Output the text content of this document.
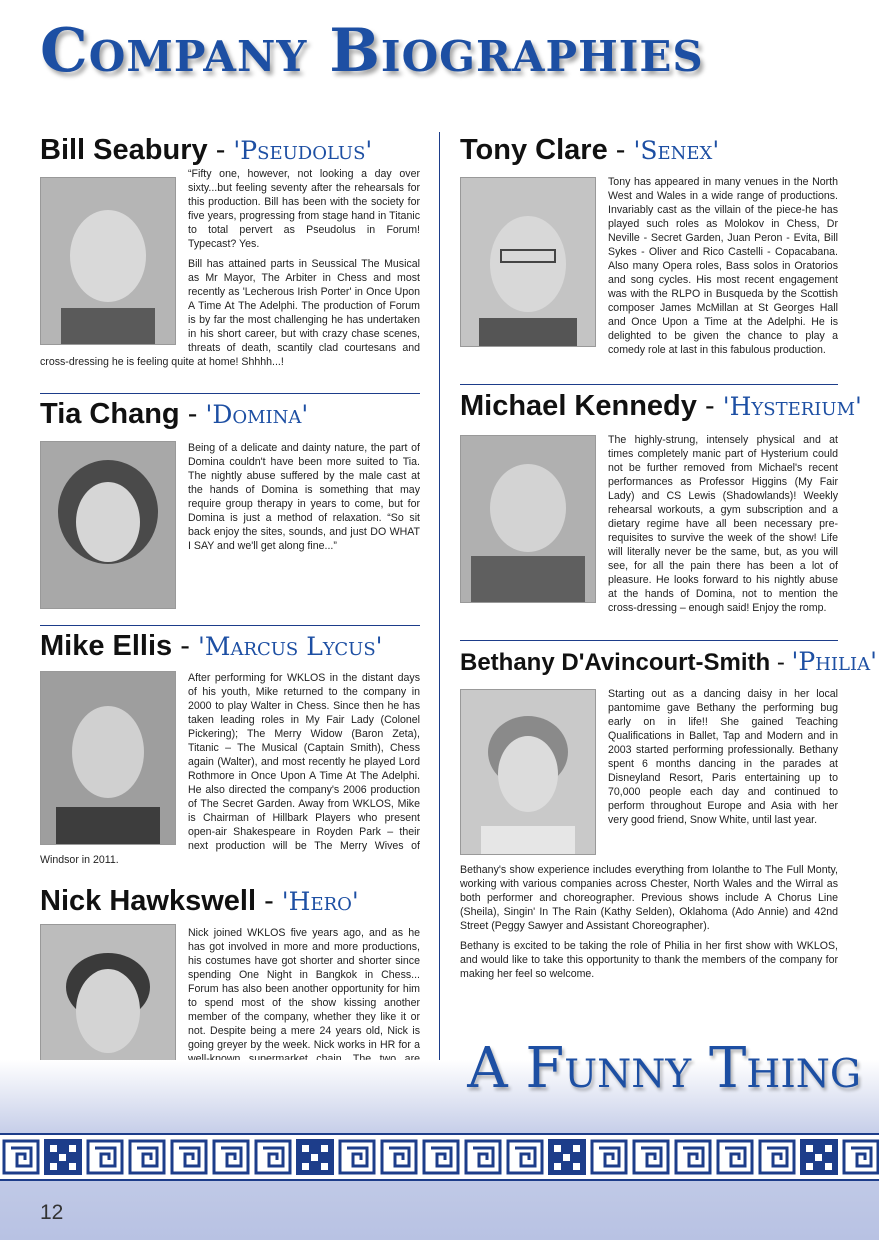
Company Biographies
Bill Seabury - 'Pseudolus'

“Fifty one, however, not looking a day over sixty...but feeling seventy after the rehearsals for this production. Bill has been with the society for five years, progressing from stage hand in Titanic to total pervert as Pseudolus in Forum! Typecast? Yes.

Bill has attained parts in Seussical The Musical as Mr Mayor, The Arbiter in Chess and most recently as 'Lecherous Irish Porter' in Once Upon A Time At The Adelphi. The production of Forum is by far the most challenging he has undertaken in his short career, but with crazy chase scenes, threats of death, scantily clad courtesans and cross-dressing he is feeling quite at home! Shhhh...!

Tia Chang - 'Domina'

Being of a delicate and dainty nature, the part of Domina couldn't have been more suited to Tia. The nightly abuse suffered by the male cast at the hands of Domina is something that may require group therapy in years to come, but for Domina is just a method of relaxation. “So sit back enjoy the sites, sounds, and just DO WHAT I SAY and we'll get along fine...”

Mike Ellis - 'Marcus Lycus'

After performing for WKLOS in the distant days of his youth, Mike returned to the company in 2000 to play Walter in Chess. Since then he has taken leading roles in My Fair Lady (Colonel Pickering); The Merry Widow (Baron Zeta), Titanic – The Musical (Captain Smith), Chess again (Walter), and most recently he played Lord Rothmore in Once Upon A Time At The Adelphi. He also directed the company's 2006 production of The Secret Garden. Away from WKLOS, Mike is Chairman of Hillbark Players who present open-air Shakespeare in Royden Park – their next production will be The Merry Wives of Windsor in 2011.

Nick Hawkswell - 'Hero'

Nick joined WKLOS five years ago, and as he has got involved in more and more productions, his costumes have got shorter and shorter since spending One Night in Bangkok in Chess... Forum has also been another opportunity for him to spend most of the show kissing another member of the company, whether they like it or not. Despite being a mere 24 years old, Nick is going greyer by the week. Nick works in HR for a

Tony Clare - 'Senex'

Tony has appeared in many venues in the North West and Wales in a wide range of productions. Invariably cast as the villain of the piece-he has played such roles as Molokov in Chess, Dr Neville - Secret Garden, Juan Peron - Evita, Bill Sykes - Oliver and Rico Castelli - Copacabana. Also many Opera roles, Bass solos in Oratorios and song cycles. His most recent engagement was with the RLPO in Busqueda by the Scottish composer James McMillan at St Georges Hall and Once Upon a Time at the Adelphi. He is delighted to be given the chance to play a comedy role at last in this fabulous production.

Michael Kennedy - 'Hysterium'

The highly-strung, intensely physical and at times completely manic part of Hysterium could not be further removed from Michael's recent performances as Professor Higgins (My Fair Lady) and CS Lewis (Shadowlands)! Weekly rehearsal workouts, a gym subscription and a dietary regime have all been necessary pre-requisites to survive the week of the show! Life will literally never be the same, but, as you will see, for all the pain there has been a lot of pleasure. He looks forward to his nightly abuse at the hands of Domina, not to mention the cross-dressing – enough said! Enjoy the romp.

Bethany D'Avincourt-Smith - 'Philia'

Starting out as a dancing daisy in her local pantomime gave Bethany the performing bug early on in life!! She gained Teaching Qualifications in Ballet, Tap and Modern and in 2003 started performing professionally. Bethany spent 6 months dancing in the parades at Disneyland Resort, Paris entertaining up to 70,000 people each day and continued to perform throughout Europe and Asia with her very good friend, Snow White, until last year.

Bethany's show experience includes everything from Iolanthe to The Full Monty, working with various companies across Chester, North Wales and the Wirral as both performer and choreographer. Previous shows include A Chorus Line (Sheila), Singin' In The Rain (Kathy Selden), Oklahoma (Ado Annie) and 42nd Street (Peggy Sawyer and Assistant Choreographer).

Bethany is excited to be taking the role of Philia in her first show with WKLOS, and would like to take this opportunity to thank the members of the company for making her feel so welcome.

A Funny Thing
12
